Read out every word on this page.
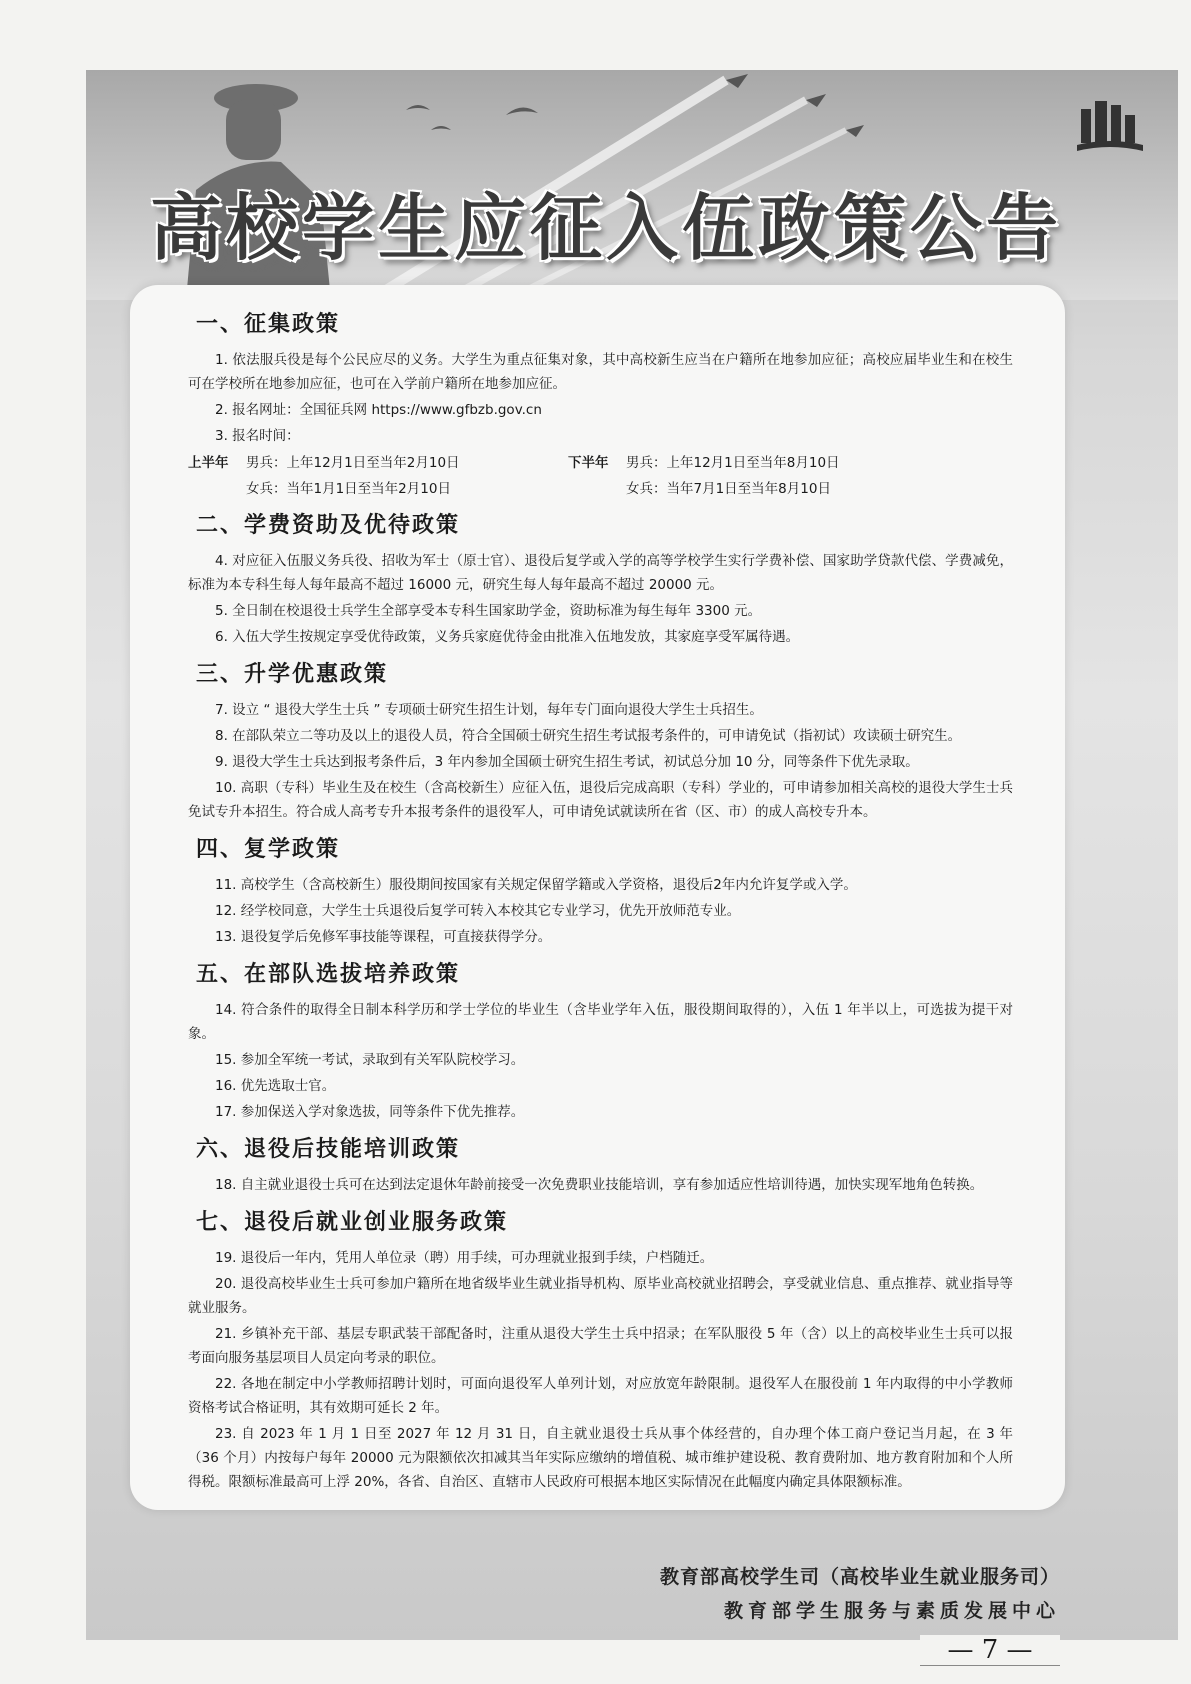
高校学生应征入伍政策公告
一、征集政策

1. 依法服兵役是每个公民应尽的义务。大学生为重点征集对象，其中高校新生应当在户籍所在地参加应征；高校应届毕业生和在校生可在学校所在地参加应征，也可在入学前户籍所在地参加应征。

2. 报名网址：全国征兵网 https://www.gfbzb.gov.cn

3. 报名时间：

上半年	男兵：上年12月1日至当年2月10日	下半年	男兵：上年12月1日至当年8月10日
女兵：当年1月1日至当年2月10日	女兵：当年7月1日至当年8月10日
二、学费资助及优待政策

4. 对应征入伍服义务兵役、招收为军士（原士官）、退役后复学或入学的高等学校学生实行学费补偿、国家助学贷款代偿、学费减免，标准为本专科生每人每年最高不超过 16000 元，研究生每人每年最高不超过 20000 元。

5. 全日制在校退役士兵学生全部享受本专科生国家助学金，资助标准为每生每年 3300 元。

6. 入伍大学生按规定享受优待政策，义务兵家庭优待金由批准入伍地发放，其家庭享受军属待遇。

三、升学优惠政策

7. 设立 “ 退役大学生士兵 ” 专项硕士研究生招生计划，每年专门面向退役大学生士兵招生。

8. 在部队荣立二等功及以上的退役人员，符合全国硕士研究生招生考试报考条件的，可申请免试（指初试）攻读硕士研究生。

9. 退役大学生士兵达到报考条件后，3 年内参加全国硕士研究生招生考试，初试总分加 10 分，同等条件下优先录取。

10. 高职（专科）毕业生及在校生（含高校新生）应征入伍，退役后完成高职（专科）学业的，可申请参加相关高校的退役大学生士兵免试专升本招生。符合成人高考专升本报考条件的退役军人，可申请免试就读所在省（区、市）的成人高校专升本。

四、复学政策

11. 高校学生（含高校新生）服役期间按国家有关规定保留学籍或入学资格，退役后2年内允许复学或入学。

12. 经学校同意，大学生士兵退役后复学可转入本校其它专业学习，优先开放师范专业。

13. 退役复学后免修军事技能等课程，可直接获得学分。

五、在部队选拔培养政策

14. 符合条件的取得全日制本科学历和学士学位的毕业生（含毕业学年入伍，服役期间取得的），入伍 1 年半以上，可选拔为提干对象。

15. 参加全军统一考试，录取到有关军队院校学习。

16. 优先选取士官。

17. 参加保送入学对象选拔，同等条件下优先推荐。

六、退役后技能培训政策

18. 自主就业退役士兵可在达到法定退休年龄前接受一次免费职业技能培训，享有参加适应性培训待遇，加快实现军地角色转换。

七、退役后就业创业服务政策

19. 退役后一年内，凭用人单位录（聘）用手续，可办理就业报到手续，户档随迁。

20. 退役高校毕业生士兵可参加户籍所在地省级毕业生就业指导机构、原毕业高校就业招聘会，享受就业信息、重点推荐、就业指导等就业服务。

21. 乡镇补充干部、基层专职武装干部配备时，注重从退役大学生士兵中招录；在军队服役 5 年（含）以上的高校毕业生士兵可以报考面向服务基层项目人员定向考录的职位。

22. 各地在制定中小学教师招聘计划时，可面向退役军人单列计划，对应放宽年龄限制。退役军人在服役前 1 年内取得的中小学教师资格考试合格证明，其有效期可延长 2 年。

23. 自 2023 年 1 月 1 日至 2027 年 12 月 31 日，自主就业退役士兵从事个体经营的，自办理个体工商户登记当月起，在 3 年（36 个月）内按每户每年 20000 元为限额依次扣减其当年实际应缴纳的增值税、城市维护建设税、教育费附加、地方教育附加和个人所得税。限额标准最高可上浮 20%，各省、自治区、直辖市人民政府可根据本地区实际情况在此幅度内确定具体限额标准。

教育部高校学生司（高校毕业生就业服务司）
教育部学生服务与素质发展中心
— 7 —
